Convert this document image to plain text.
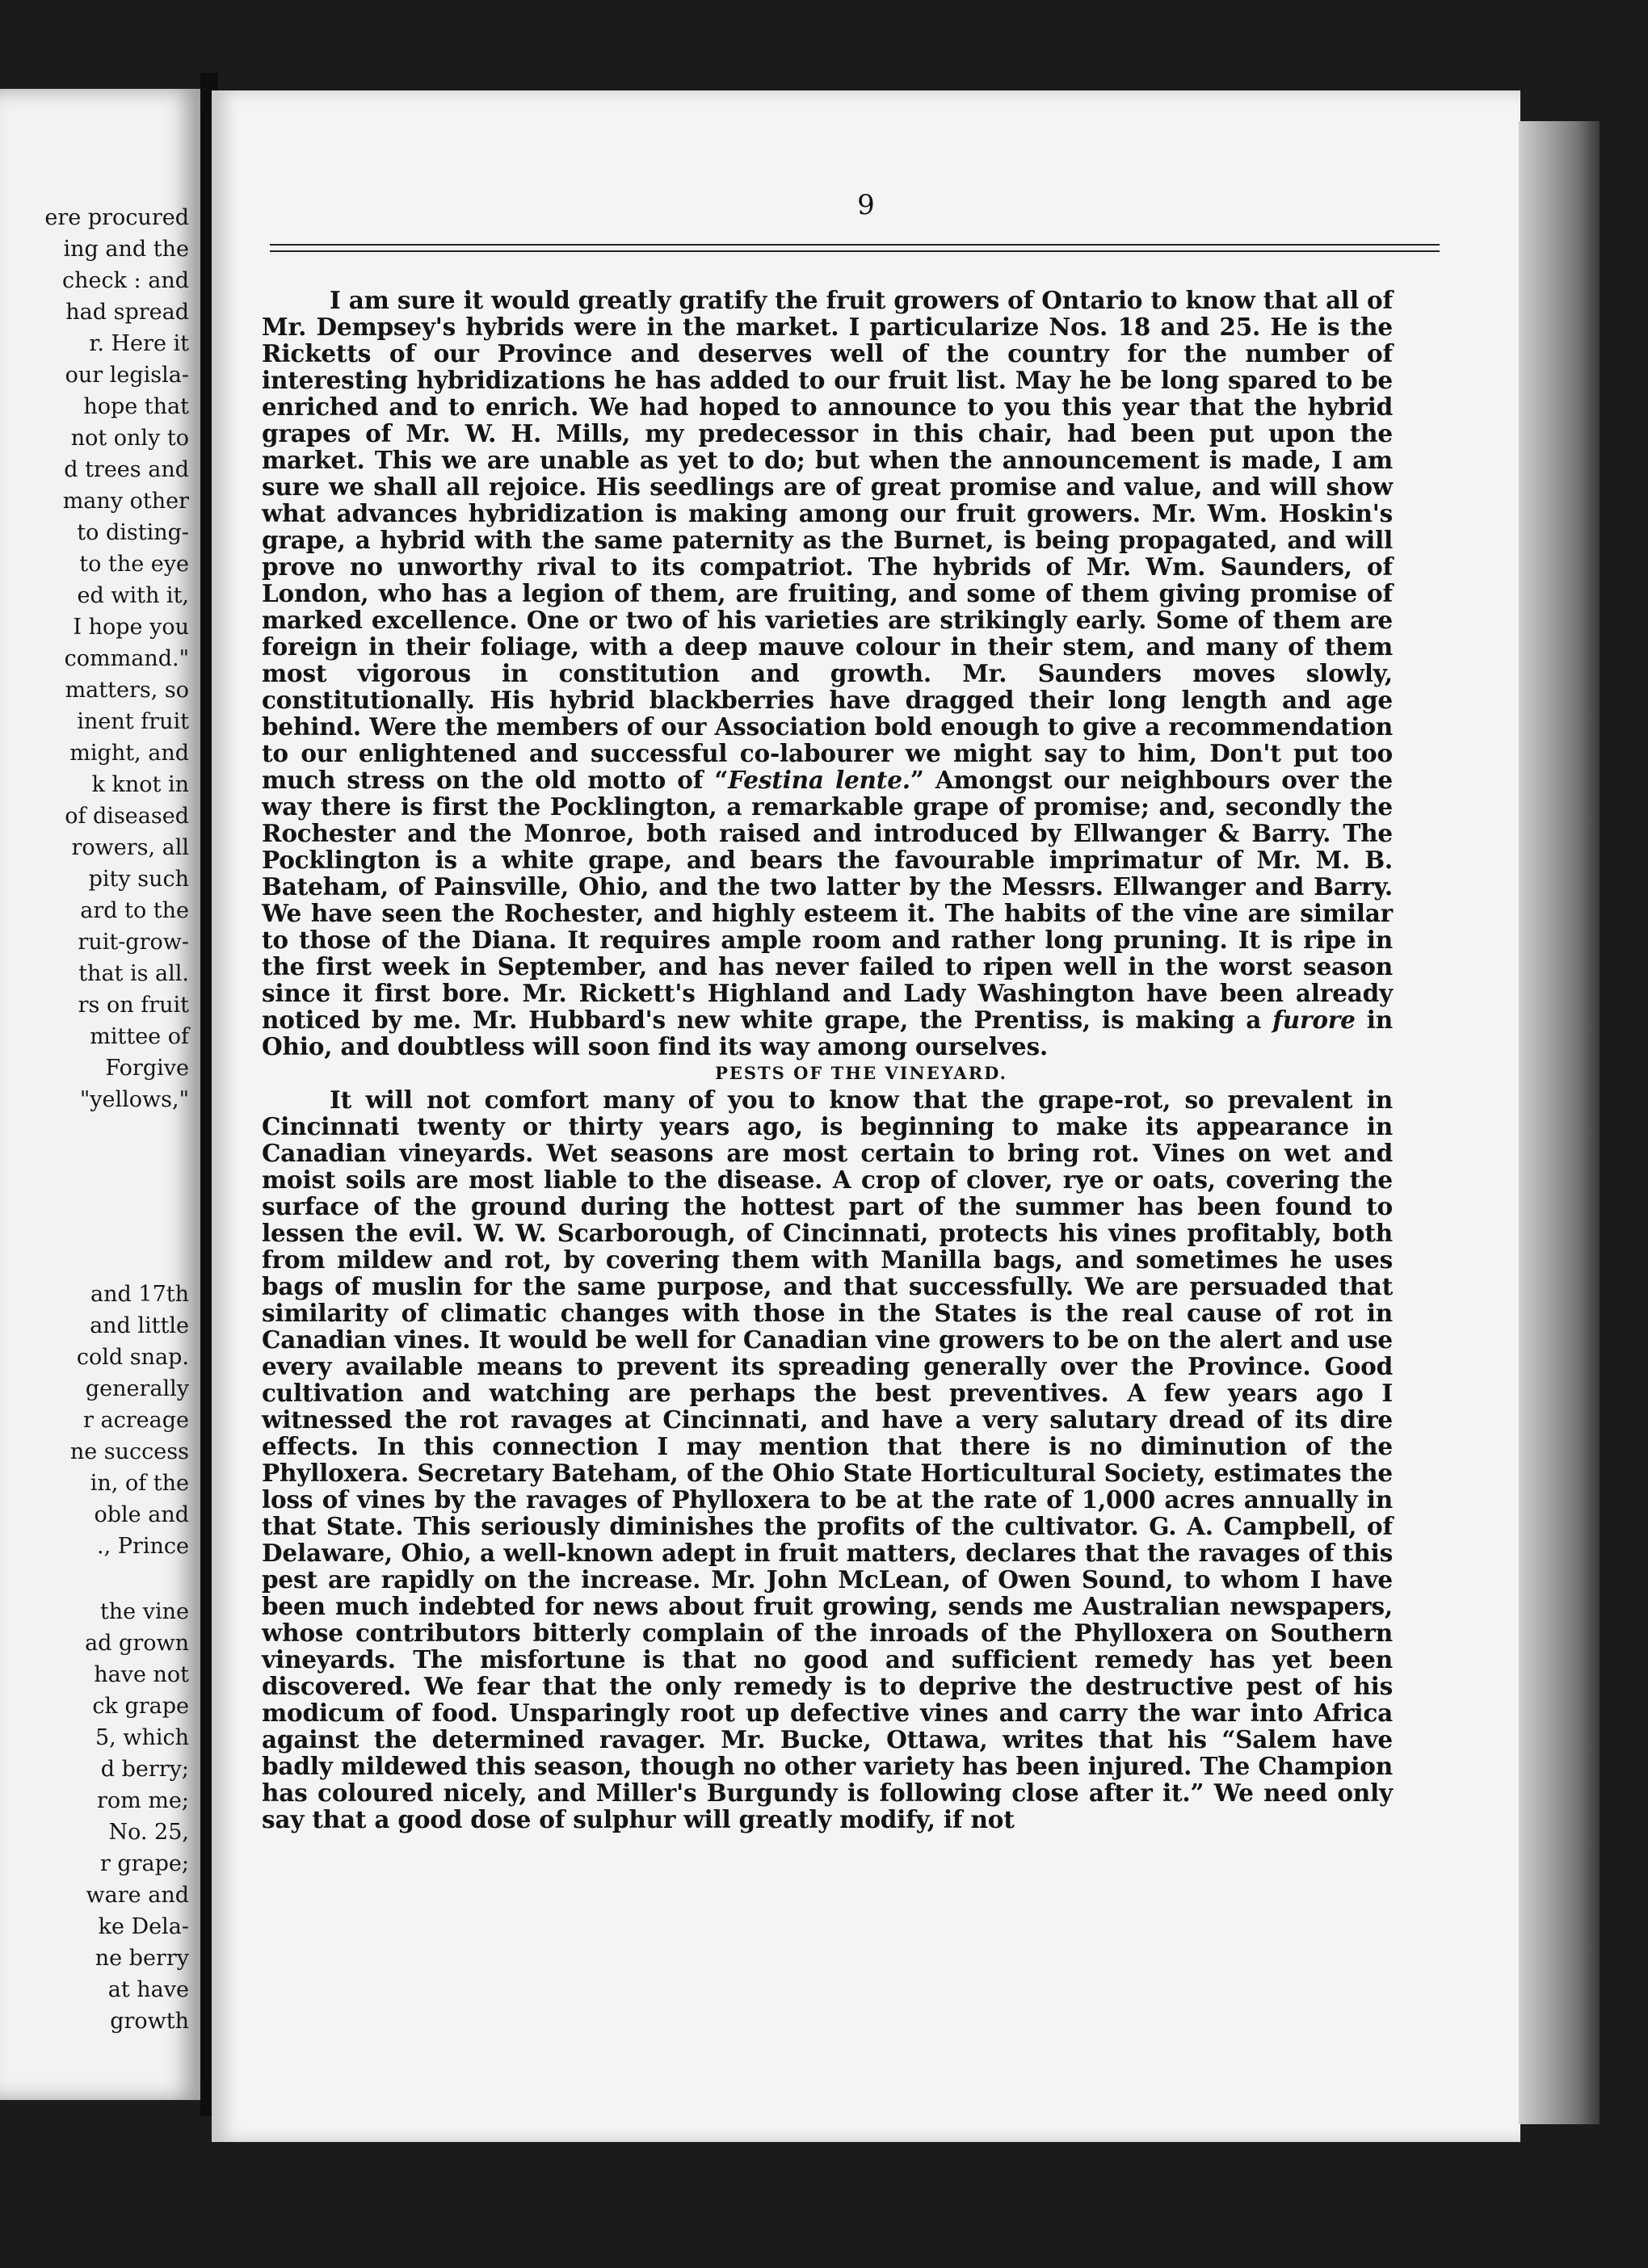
ere procured
ing and the
check : and
had spread
r. Here it
our legisla-
hope that
not only to
d trees and
many other
to disting-
to the eye
ed with it,
I hope you
command."
matters, so
inent fruit
might, and
k knot in
of diseased
rowers, all
pity such
ard to the
ruit-grow-
that is all.
rs on fruit
mittee of
Forgive
"yellows,"
and 17th
and little
cold snap.
generally
r acreage
ne success
in, of the
oble and
., Prince
the vine
ad grown
have not
ck grape
5, which
d berry;
rom me;
No. 25,
r grape;
ware and
ke Dela-
ne berry
at have
growth
9

I am sure it would greatly gratify the fruit growers of Ontario to know that all of Mr. Dempsey's hybrids were in the market. I particularize Nos. 18 and 25. He is the Ricketts of our Province and deserves well of the country for the number of interesting hybridizations he has added to our fruit list. May he be long spared to be enriched and to enrich. We had hoped to announce to you this year that the hybrid grapes of Mr. W. H. Mills, my predecessor in this chair, had been put upon the market. This we are unable as yet to do; but when the announcement is made, I am sure we shall all rejoice. His seedlings are of great promise and value, and will show what advances hybridization is making among our fruit growers. Mr. Wm. Hoskin's grape, a hybrid with the same paternity as the Burnet, is being propagated, and will prove no unworthy rival to its compatriot. The hybrids of Mr. Wm. Saunders, of London, who has a legion of them, are fruiting, and some of them giving promise of marked excellence. One or two of his varieties are strikingly early. Some of them are foreign in their foliage, with a deep mauve colour in their stem, and many of them most vigorous in constitution and growth. Mr. Saunders moves slowly, constitutionally. His hybrid blackberries have dragged their long length and age behind. Were the members of our Association bold enough to give a recommendation to our enlightened and successful co-labourer we might say to him, Don't put too much stress on the old motto of “Festina lente.” Amongst our neighbours over the way there is first the Pocklington, a remarkable grape of promise; and, secondly the Rochester and the Monroe, both raised and introduced by Ellwanger & Barry. The Pocklington is a white grape, and bears the favourable imprimatur of Mr. M. B. Bateham, of Painsville, Ohio, and the two latter by the Messrs. Ellwanger and Barry. We have seen the Rochester, and highly esteem it. The habits of the vine are similar to those of the Diana. It requires ample room and rather long pruning. It is ripe in the first week in September, and has never failed to ripen well in the worst season since it first bore. Mr. Rickett's Highland and Lady Washington have been already noticed by me. Mr. Hubbard's new white grape, the Prentiss, is making a furore in Ohio, and doubtless will soon find its way among ourselves.

PESTS OF THE VINEYARD.

It will not comfort many of you to know that the grape-rot, so prevalent in Cincinnati twenty or thirty years ago, is beginning to make its appearance in Canadian vineyards. Wet seasons are most certain to bring rot. Vines on wet and moist soils are most liable to the disease. A crop of clover, rye or oats, covering the surface of the ground during the hottest part of the summer has been found to lessen the evil. W. W. Scarborough, of Cincinnati, protects his vines profitably, both from mildew and rot, by covering them with Manilla bags, and sometimes he uses bags of muslin for the same purpose, and that successfully. We are persuaded that similarity of climatic changes with those in the States is the real cause of rot in Canadian vines. It would be well for Canadian vine growers to be on the alert and use every available means to prevent its spreading generally over the Province. Good cultivation and watching are perhaps the best preventives. A few years ago I witnessed the rot ravages at Cincinnati, and have a very salutary dread of its dire effects. In this connection I may mention that there is no diminution of the Phylloxera. Secretary Bateham, of the Ohio State Horticultural Society, estimates the loss of vines by the ravages of Phylloxera to be at the rate of 1,000 acres annually in that State. This seriously diminishes the profits of the cultivator. G. A. Campbell, of Delaware, Ohio, a well-known adept in fruit matters, declares that the ravages of this pest are rapidly on the increase. Mr. John McLean, of Owen Sound, to whom I have been much indebted for news about fruit growing, sends me Australian newspapers, whose contributors bitterly complain of the inroads of the Phylloxera on Southern vineyards. The misfortune is that no good and sufficient remedy has yet been discovered. We fear that the only remedy is to deprive the destructive pest of his modicum of food. Unsparingly root up defective vines and carry the war into Africa against the determined ravager. Mr. Bucke, Ottawa, writes that his “Salem have badly mildewed this season, though no other variety has been injured. The Champion has coloured nicely, and Miller's Burgundy is following close after it.” We need only say that a good dose of sulphur will greatly modify, if not
